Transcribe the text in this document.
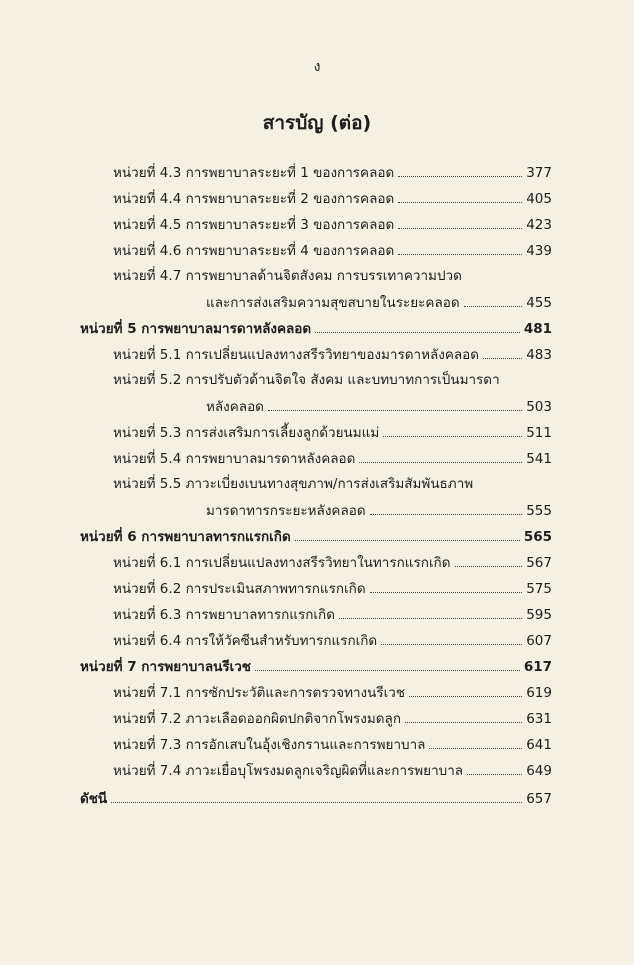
ง
สารบัญ (ต่อ)
หน่วยที่ 4.3 การพยาบาลระยะที่ 1 ของการคลอด	377
หน่วยที่ 4.4 การพยาบาลระยะที่ 2 ของการคลอด	405
หน่วยที่ 4.5 การพยาบาลระยะที่ 3 ของการคลอด	423
หน่วยที่ 4.6 การพยาบาลระยะที่ 4 ของการคลอด	439
หน่วยที่ 4.7 การพยาบาลด้านจิตสังคม การบรรเทาความปวด
และการส่งเสริมความสุขสบายในระยะคลอด	455
หน่วยที่ 5 การพยาบาลมารดาหลังคลอด	481
หน่วยที่ 5.1 การเปลี่ยนแปลงทางสรีรวิทยาของมารดาหลังคลอด	483
หน่วยที่ 5.2 การปรับตัวด้านจิตใจ สังคม และบทบาทการเป็นมารดา
หลังคลอด	503
หน่วยที่ 5.3 การส่งเสริมการเลี้ยงลูกด้วยนมแม่	511
หน่วยที่ 5.4 การพยาบาลมารดาหลังคลอด	541
หน่วยที่ 5.5 ภาวะเบี่ยงเบนทางสุขภาพ/การส่งเสริมสัมพันธภาพ
มารดาทารกระยะหลังคลอด	555
หน่วยที่ 6 การพยาบาลทารกแรกเกิด	565
หน่วยที่ 6.1 การเปลี่ยนแปลงทางสรีรวิทยาในทารกแรกเกิด	567
หน่วยที่ 6.2 การประเมินสภาพทารกแรกเกิด	575
หน่วยที่ 6.3 การพยาบาลทารกแรกเกิด	595
หน่วยที่ 6.4 การให้วัคซีนสำหรับทารกแรกเกิด	607
หน่วยที่ 7 การพยาบาลนรีเวช	617
หน่วยที่ 7.1 การซักประวัติและการตรวจทางนรีเวช	619
หน่วยที่ 7.2 ภาวะเลือดออกผิดปกติจากโพรงมดลูก	631
หน่วยที่ 7.3 การอักเสบในอุ้งเชิงกรานและการพยาบาล	641
หน่วยที่ 7.4 ภาวะเยื่อบุโพรงมดลูกเจริญผิดที่และการพยาบาล	649
ดัชนี	657
